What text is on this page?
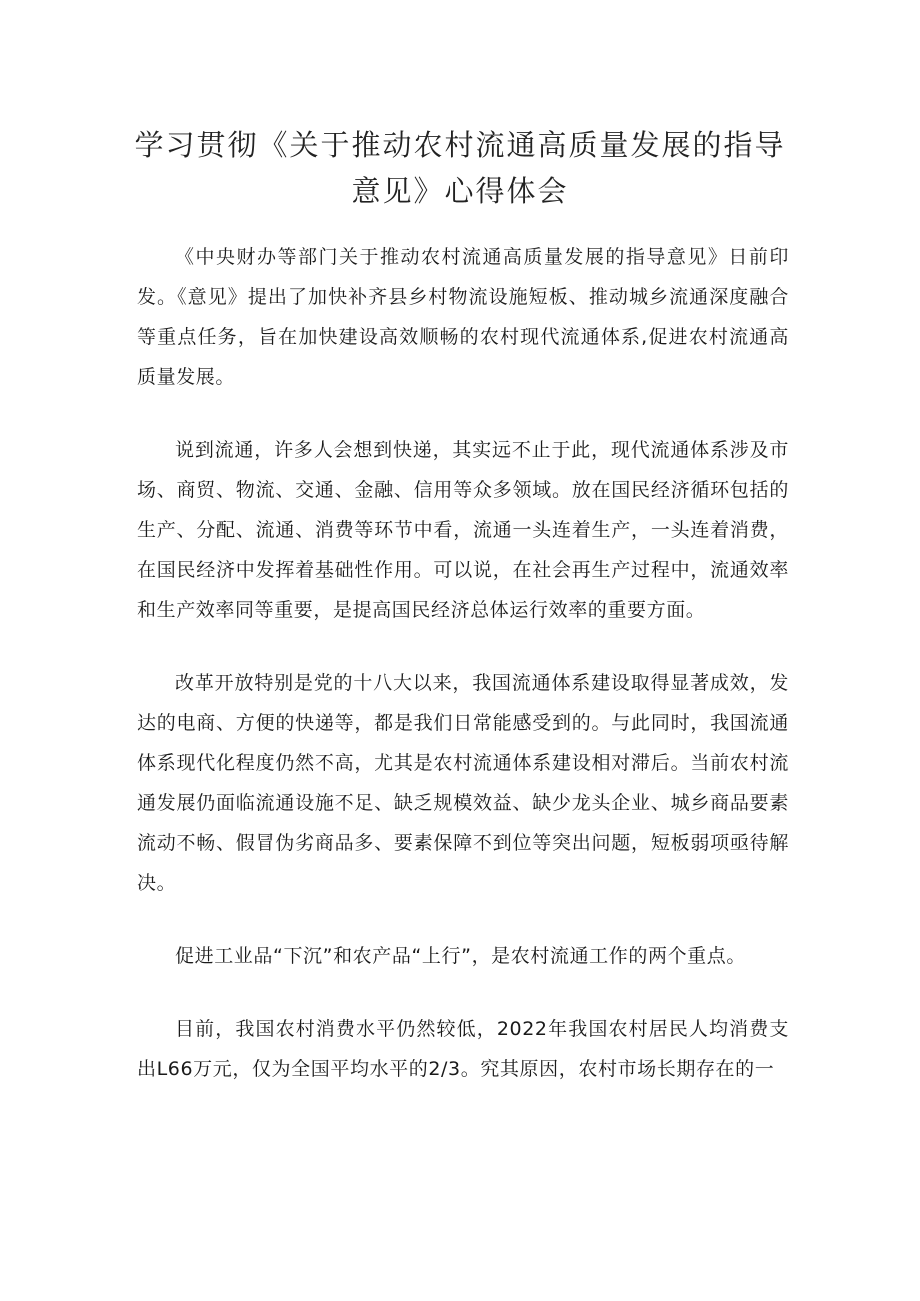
学习贯彻《关于推动农村流通高质量发展的指导意见》心得体会

《中央财办等部门关于推动农村流通高质量发展的指导意见》日前印发。《意见》提出了加快补齐县乡村物流设施短板、推动城乡流通深度融合等重点任务，旨在加快建设高效顺畅的农村现代流通体系,促进农村流通高质量发展。

说到流通，许多人会想到快递，其实远不止于此，现代流通体系涉及市场、商贸、物流、交通、金融、信用等众多领域。放在国民经济循环包括的生产、分配、流通、消费等环节中看，流通一头连着生产，一头连着消费，在国民经济中发挥着基础性作用。可以说，在社会再生产过程中，流通效率和生产效率同等重要，是提高国民经济总体运行效率的重要方面。

改革开放特别是党的十八大以来，我国流通体系建设取得显著成效，发达的电商、方便的快递等，都是我们日常能感受到的。与此同时，我国流通体系现代化程度仍然不高，尤其是农村流通体系建设相对滞后。当前农村流通发展仍面临流通设施不足、缺乏规模效益、缺少龙头企业、城乡商品要素流动不畅、假冒伪劣商品多、要素保障不到位等突出问题，短板弱项亟待解决。

促进工业品“下沉”和农产品“上行”，是农村流通工作的两个重点。

目前，我国农村消费水平仍然较低，2022年我国农村居民人均消费支出L66万元，仅为全国平均水平的2/3。究其原因，农村市场长期存在的一
